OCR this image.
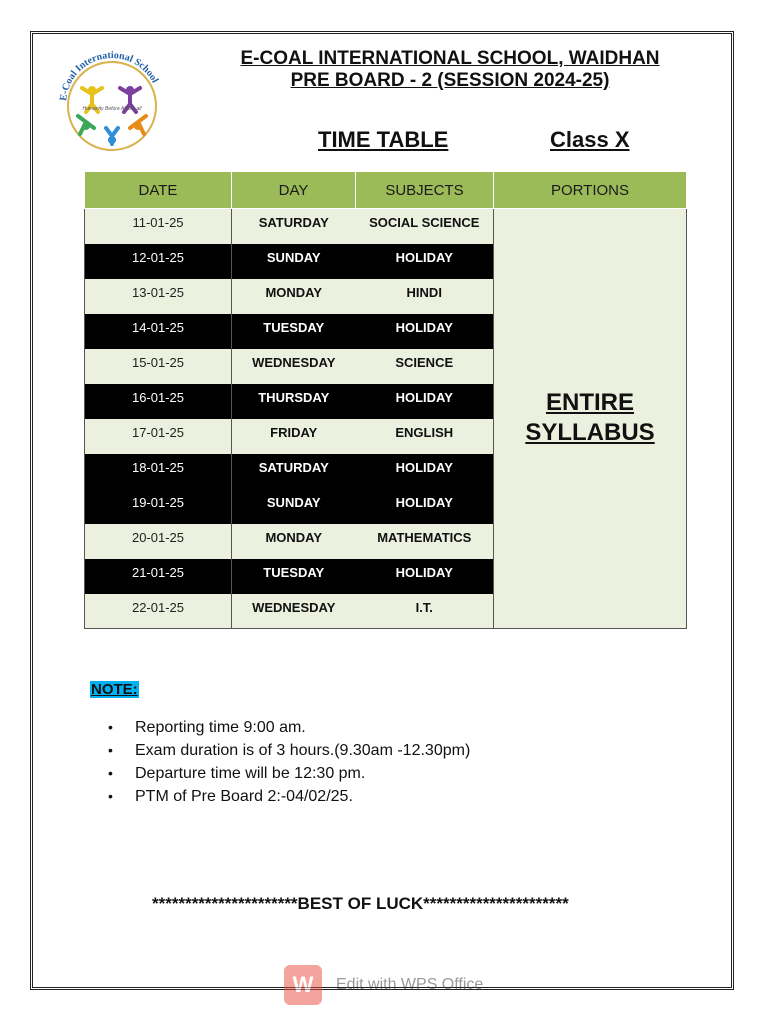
E-Coal International School
Humanity Before Above all
E-COAL INTERNATIONAL SCHOOL, WAIDHAN
PRE BOARD - 2 (SESSION 2024-25)
TIME TABLE	Class X
DATE	DAY	SUBJECTS	PORTIONS
11-01-25	SATURDAY	SOCIAL SCIENCE	ENTIRE
SYLLABUS
12-01-25	SUNDAY	HOLIDAY	
13-01-25	MONDAY	HINDI	
14-01-25	TUESDAY	HOLIDAY	
15-01-25	WEDNESDAY	SCIENCE	
16-01-25	THURSDAY	HOLIDAY	
17-01-25	FRIDAY	ENGLISH	
18-01-25	SATURDAY	HOLIDAY	
19-01-25	SUNDAY	HOLIDAY	
20-01-25	MONDAY	MATHEMATICS	
21-01-25	TUESDAY	HOLIDAY	
22-01-25	WEDNESDAY	I.T.	
NOTE:
• Reporting time 9:00 am.
• Exam duration is of 3 hours.(9.30am -12.30pm)
• Departure time will be 12:30 pm.
• PTM of Pre Board 2:-04/02/25.
**********************BEST OF LUCK**********************
W	Edit with WPS Office
